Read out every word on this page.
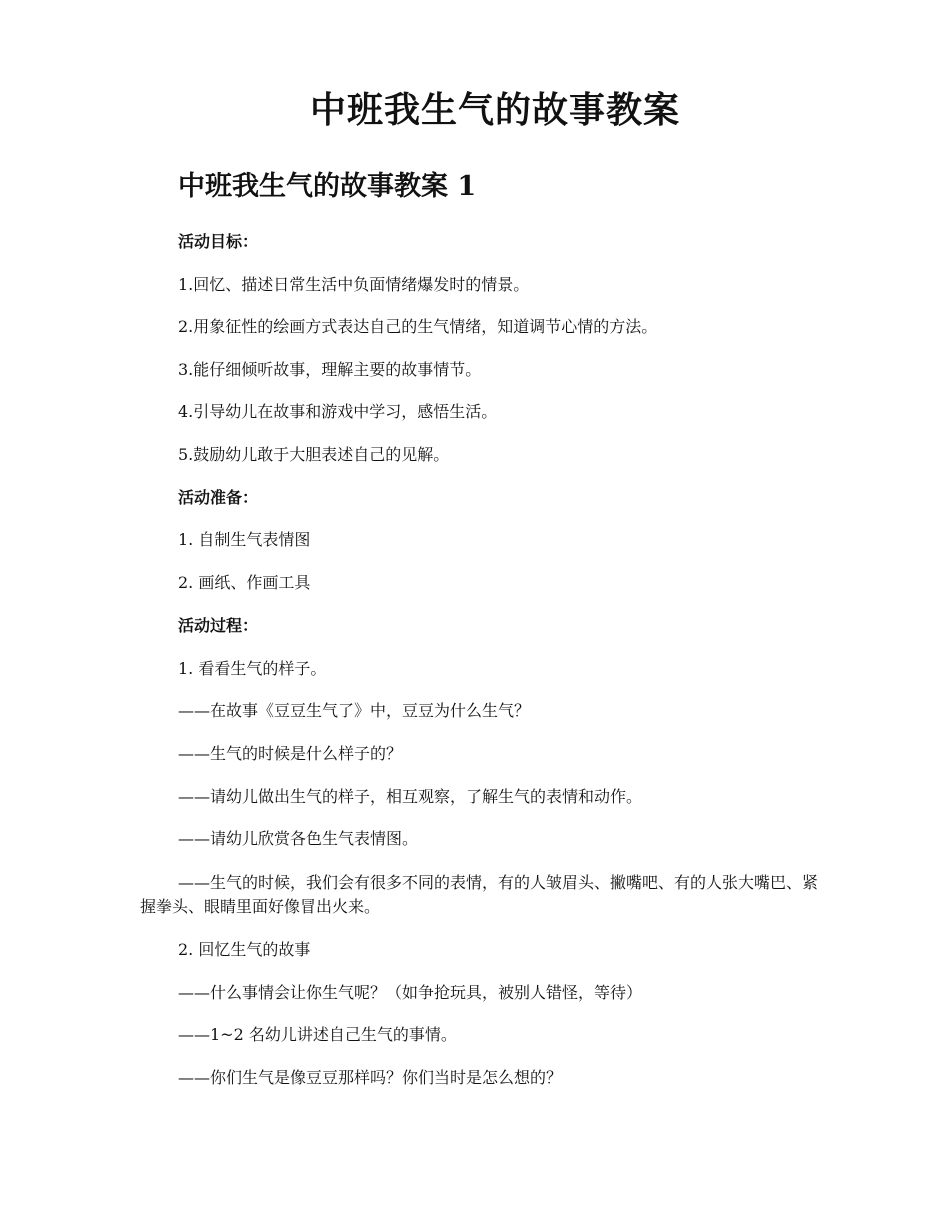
中班我生气的故事教案
中班我生气的故事教案 1

活动目标：

1.回忆、描述日常生活中负面情绪爆发时的情景。

2.用象征性的绘画方式表达自己的生气情绪，知道调节心情的方法。

3.能仔细倾听故事，理解主要的故事情节。

4.引导幼儿在故事和游戏中学习，感悟生活。

5.鼓励幼儿敢于大胆表述自己的见解。

活动准备：

1. 自制生气表情图

2. 画纸、作画工具

活动过程：

1. 看看生气的样子。

——在故事《豆豆生气了》中，豆豆为什么生气？

——生气的时候是什么样子的？

——请幼儿做出生气的样子，相互观察，了解生气的表情和动作。

——请幼儿欣赏各色生气表情图。

——生气的时候，我们会有很多不同的表情，有的人皱眉头、撇嘴吧、有的人张大嘴巴、紧握拳头、眼睛里面好像冒出火来。

2. 回忆生气的故事

——什么事情会让你生气呢？（如争抢玩具，被别人错怪，等待）

——1~2 名幼儿讲述自己生气的事情。

——你们生气是像豆豆那样吗？你们当时是怎么想的？
